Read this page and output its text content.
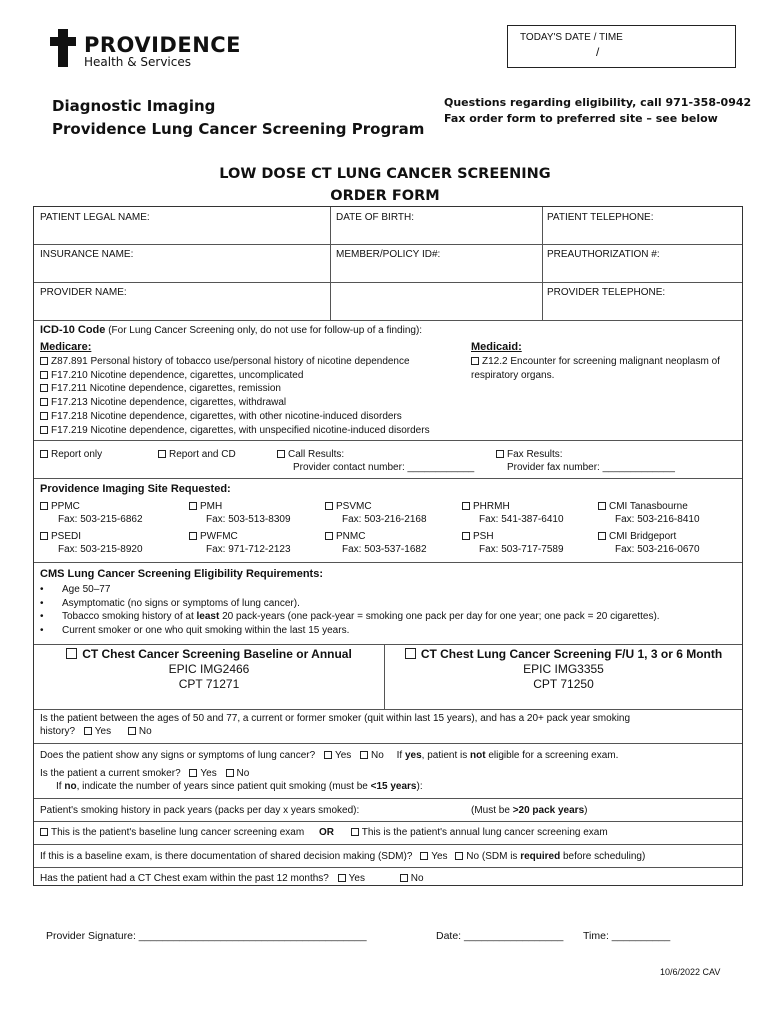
PROVIDENCE
Health & Services
TODAY'S DATE / TIME
/
Diagnostic Imaging
Providence Lung Cancer Screening Program
Questions regarding eligibility, call 971-358-0942
Fax order form to preferred site – see below
LOW DOSE CT LUNG CANCER SCREENING
ORDER FORM
PATIENT LEGAL NAME:	DATE OF BIRTH:	PATIENT TELEPHONE:
INSURANCE NAME:	MEMBER/POLICY ID#:	PREAUTHORIZATION #:
PROVIDER NAME:	PROVIDER TELEPHONE:
ICD-10 Code (For Lung Cancer Screening only, do not use for follow-up of a finding):
Medicare:
Z87.891 Personal history of tobacco use/personal history of nicotine dependence
F17.210 Nicotine dependence, cigarettes, uncomplicated
F17.211 Nicotine dependence, cigarettes, remission
F17.213 Nicotine dependence, cigarettes, withdrawal
F17.218 Nicotine dependence, cigarettes, with other nicotine-induced disorders
F17.219 Nicotine dependence, cigarettes, with unspecified nicotine-induced disorders
Medicaid:
Z12.2 Encounter for screening malignant neoplasm of
respiratory organs.
Report only	Report and CD	Call Results:
Provider contact number: ____________
Fax Results:
Provider fax number: _____________
Providence Imaging Site Requested:
PPMC
Fax: 503-215-6862
PMH
Fax: 503-513-8309
PSVMC
Fax: 503-216-2168
PHRMH
Fax: 541-387-6410
CMI Tanasbourne
Fax: 503-216-8410
PSEDI
Fax: 503-215-8920
PWFMC
Fax: 971-712-2123
PNMC
Fax: 503-537-1682
PSH
Fax: 503-717-7589
CMI Bridgeport
Fax: 503-216-0670
CMS Lung Cancer Screening Eligibility Requirements:
• Age 50–77
• Asymptomatic (no signs or symptoms of lung cancer).
• Tobacco smoking history of at least 20 pack-years (one pack-year = smoking one pack per day for one year; one pack = 20 cigarettes).
• Current smoker or one who quit smoking within the last 15 years.
CT Chest Cancer Screening Baseline or Annual
EPIC IMG2466
CPT 71271
CT Chest Lung Cancer Screening F/U 1, 3 or 6 Month
EPIC IMG3355
CPT 71250
Is the patient between the ages of 50 and 77, a current or former smoker (quit within last 15 years), and has a 20+ pack year smoking
history? Yes	No
Does the patient show any signs or symptoms of lung cancer? Yes No If yes, patient is not eligible for a screening exam.
Is the patient a current smoker? Yes No
If no, indicate the number of years since patient quit smoking (must be <15 years):
Patient's smoking history in pack years (packs per day x years smoked):	(Must be >20 pack years)
This is the patient's baseline lung cancer screening exam OR	This is the patient's annual lung cancer screening exam
If this is a baseline exam, is there documentation of shared decision making (SDM)? Yes No (SDM is required before scheduling)
Has the patient had a CT Chest exam within the past 12 months? Yes	No
Provider Signature: _______________________________________	Date: _________________ Time: __________
10/6/2022 CAV
